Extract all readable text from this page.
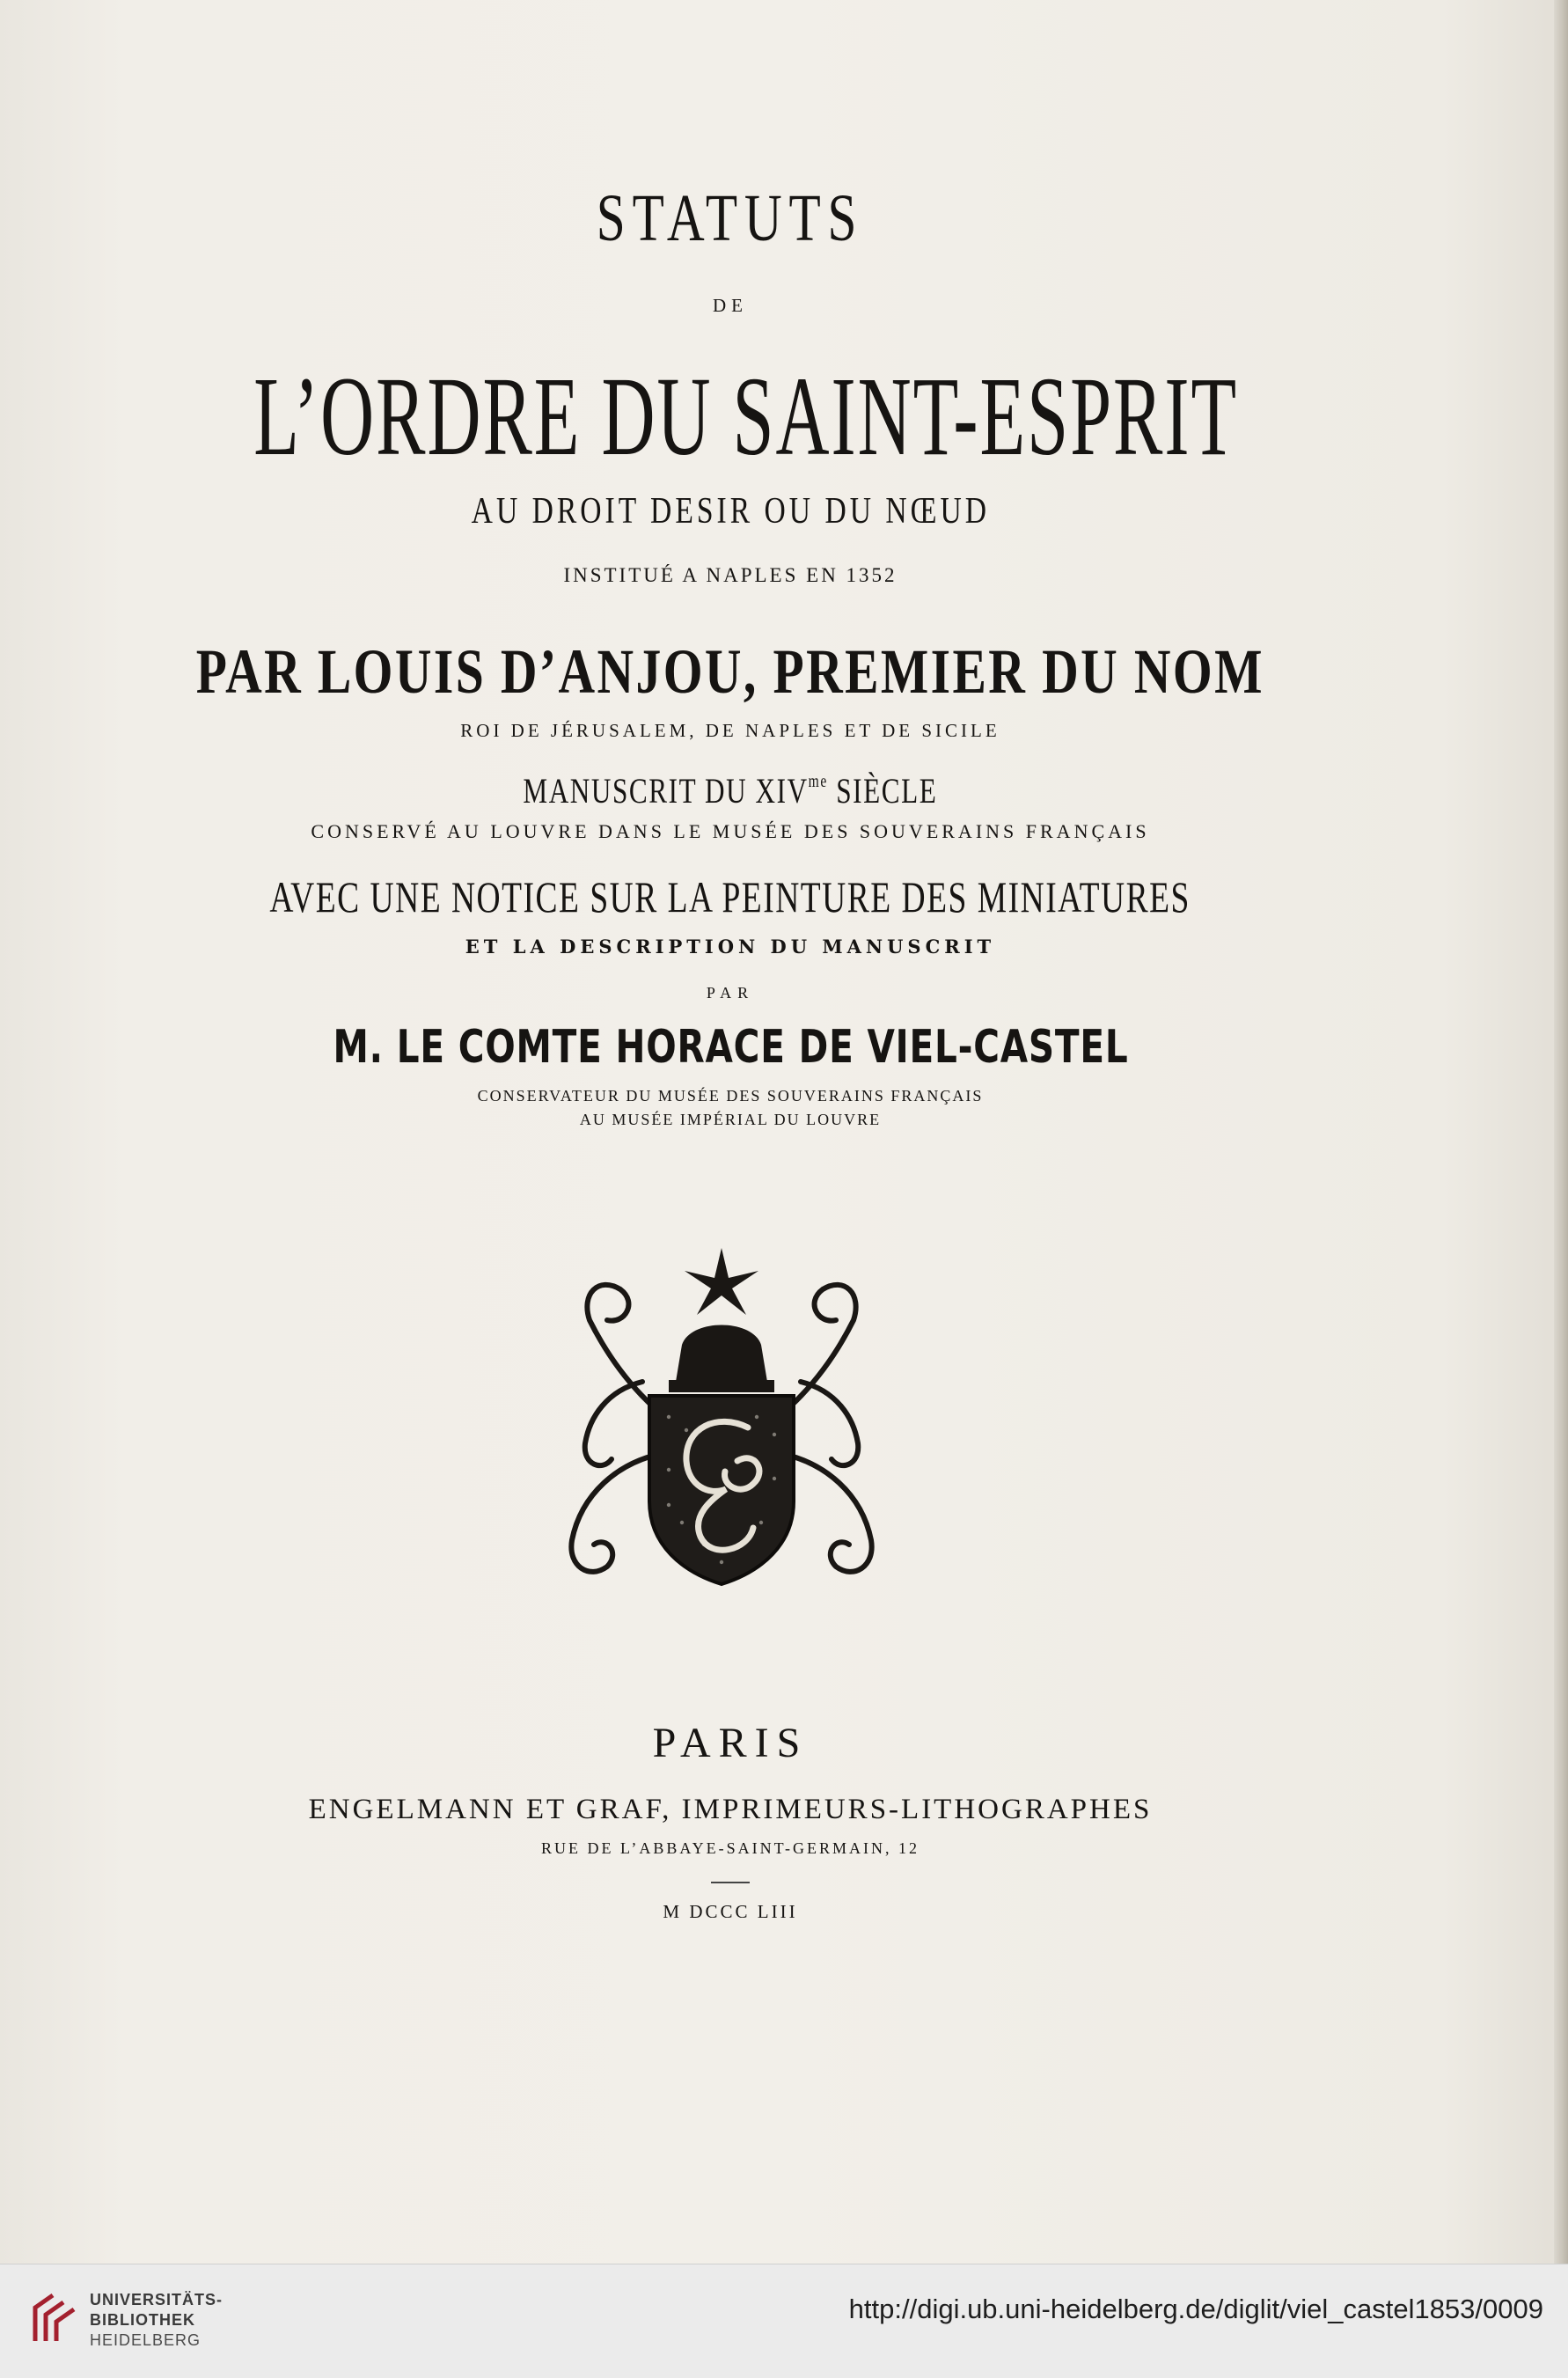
STATUTS
DE
L’ORDRE DU SAINT-ESPRIT
AU DROIT DESIR OU DU NŒUD
INSTITUÉ A NAPLES EN 1352
PAR LOUIS D’ANJOU, PREMIER DU NOM
ROI DE JÉRUSALEM, DE NAPLES ET DE SICILE
MANUSCRIT DU $XIV^{me}$ SIÈCLE
CONSERVÉ AU LOUVRE DANS LE MUSÉE DES SOUVERAINS FRANÇAIS
AVEC UNE NOTICE SUR LA PEINTURE DES MINIATURES
ET LA DESCRIPTION DU MANUSCRIT
PAR
M. LE COMTE HORACE DE VIEL-CASTEL
CONSERVATEUR DU MUSÉE DES SOUVERAINS FRANÇAIS
AU MUSÉE IMPÉRIAL DU LOUVRE
PARIS
ENGELMANN ET GRAF, IMPRIMEURS-LITHOGRAPHES
RUE DE L’ABBAYE-SAINT-GERMAIN, 12
M DCCC LIII
UNIVERSITÄTS-
BIBLIOTHEK
HEIDELBERG
http://digi.ub.uni-heidelberg.de/diglit/viel_castel1853/0009
